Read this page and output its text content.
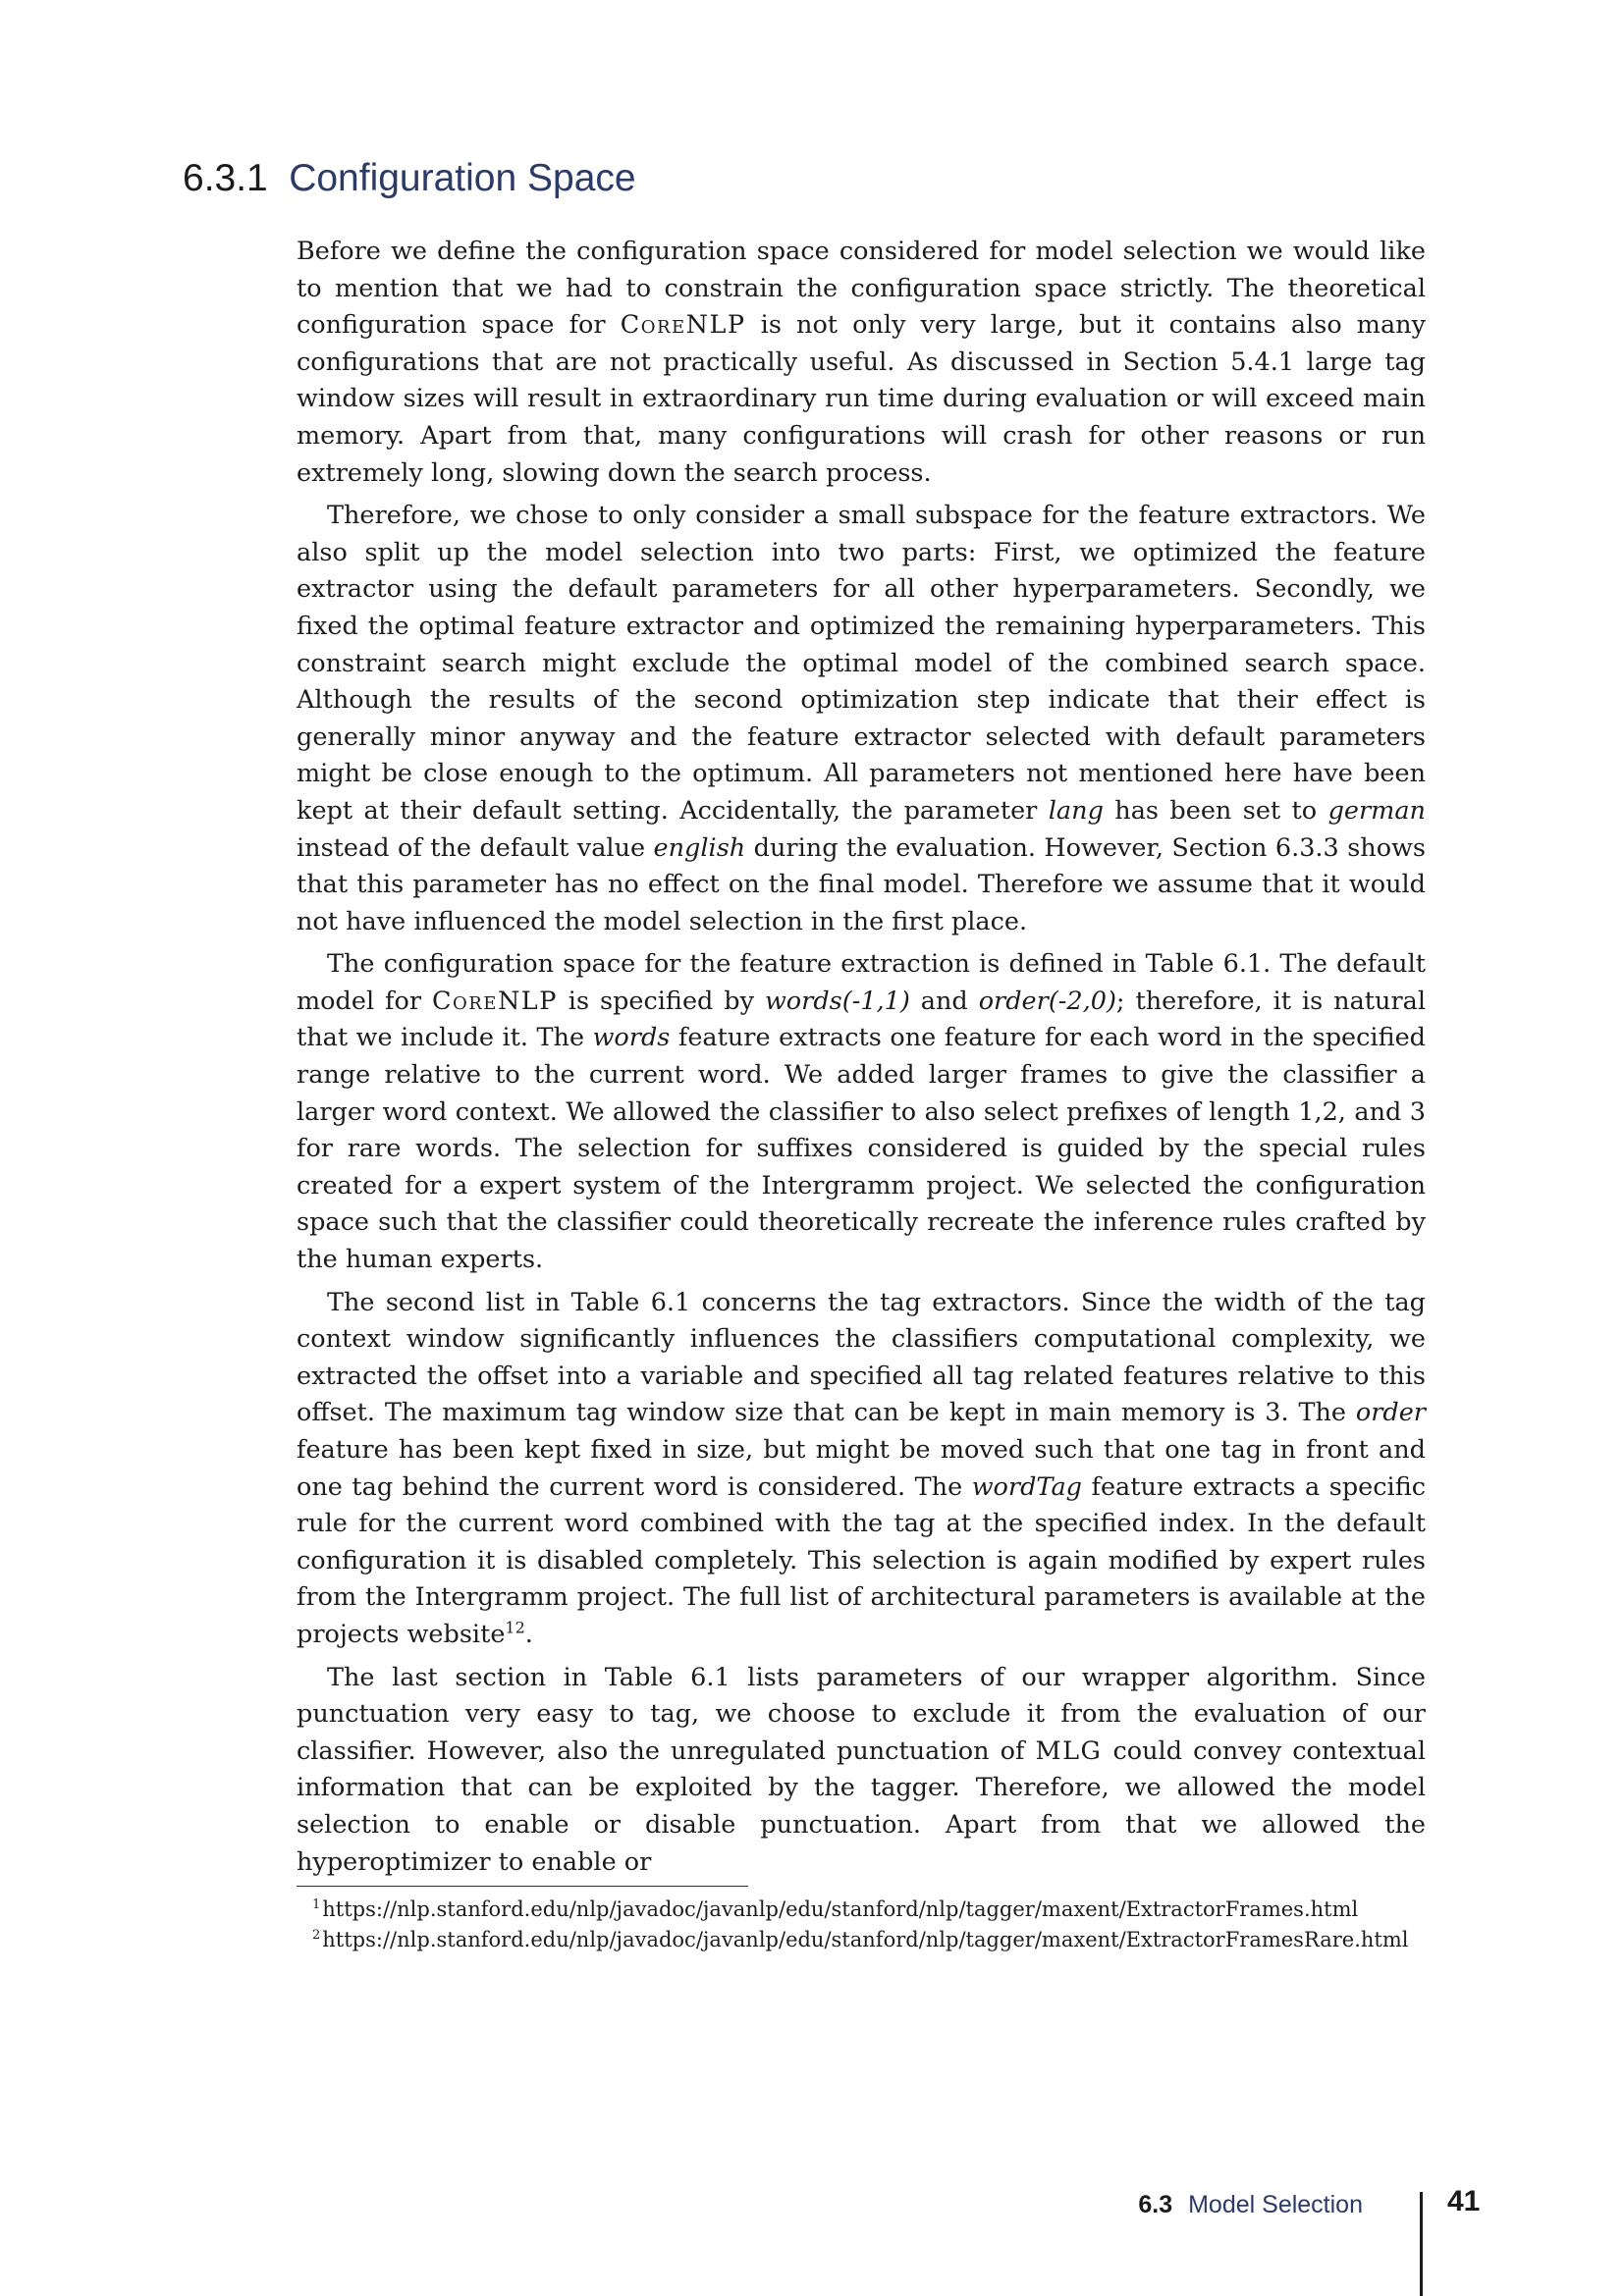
6.3.1 Configuration Space

Before we define the configuration space considered for model selection we would like to mention that we had to constrain the configuration space strictly. The theoretical configuration space for CoreNLP is not only very large, but it contains also many configurations that are not practically useful. As discussed in Section 5.4.1 large tag window sizes will result in extraordinary run time during evaluation or will exceed main memory. Apart from that, many configurations will crash for other reasons or run extremely long, slowing down the search process.

Therefore, we chose to only consider a small subspace for the feature extractors. We also split up the model selection into two parts: First, we optimized the feature extractor using the default parameters for all other hyperparameters. Secondly, we fixed the optimal feature extractor and optimized the remaining hyperparameters. This constraint search might exclude the optimal model of the combined search space. Although the results of the second optimization step indicate that their effect is generally minor anyway and the feature extractor selected with default parameters might be close enough to the optimum. All parameters not mentioned here have been kept at their default setting. Accidentally, the parameter lang has been set to german instead of the default value english during the evaluation. However, Section 6.3.3 shows that this parameter has no effect on the final model. Therefore we assume that it would not have influenced the model selection in the first place.

The configuration space for the feature extraction is defined in Table 6.1. The default model for CoreNLP is specified by words(-1,1) and order(-2,0); therefore, it is natural that we include it. The words feature extracts one feature for each word in the specified range relative to the current word. We added larger frames to give the classifier a larger word context. We allowed the classifier to also select prefixes of length 1,2, and 3 for rare words. The selection for suffixes considered is guided by the special rules created for a expert system of the Intergramm project. We selected the configuration space such that the classifier could theoretically recreate the inference rules crafted by the human experts.

The second list in Table 6.1 concerns the tag extractors. Since the width of the tag context window significantly influences the classifiers computational complexity, we extracted the offset into a variable and specified all tag related features relative to this offset. The maximum tag window size that can be kept in main memory is 3. The order feature has been kept fixed in size, but might be moved such that one tag in front and one tag behind the current word is considered. The wordTag feature extracts a specific rule for the current word combined with the tag at the specified index. In the default configuration it is disabled completely. This selection is again modified by expert rules from the Intergramm project. The full list of architectural parameters is available at the projects website$^{12}$.

The last section in Table 6.1 lists parameters of our wrapper algorithm. Since punctuation very easy to tag, we choose to exclude it from the evaluation of our classifier. However, also the unregulated punctuation of MLG could convey contextual information that can be exploited by the tagger. Therefore, we allowed the model selection to enable or disable punctuation. Apart from that we allowed the hyperoptimizer to enable or

$^1$https://nlp.stanford.edu/nlp/javadoc/javanlp/edu/stanford/nlp/tagger/maxent/ExtractorFrames.html
$^2$https://nlp.stanford.edu/nlp/javadoc/javanlp/edu/stanford/nlp/tagger/maxent/ExtractorFramesRare.html
6.3 Model Selection	41
